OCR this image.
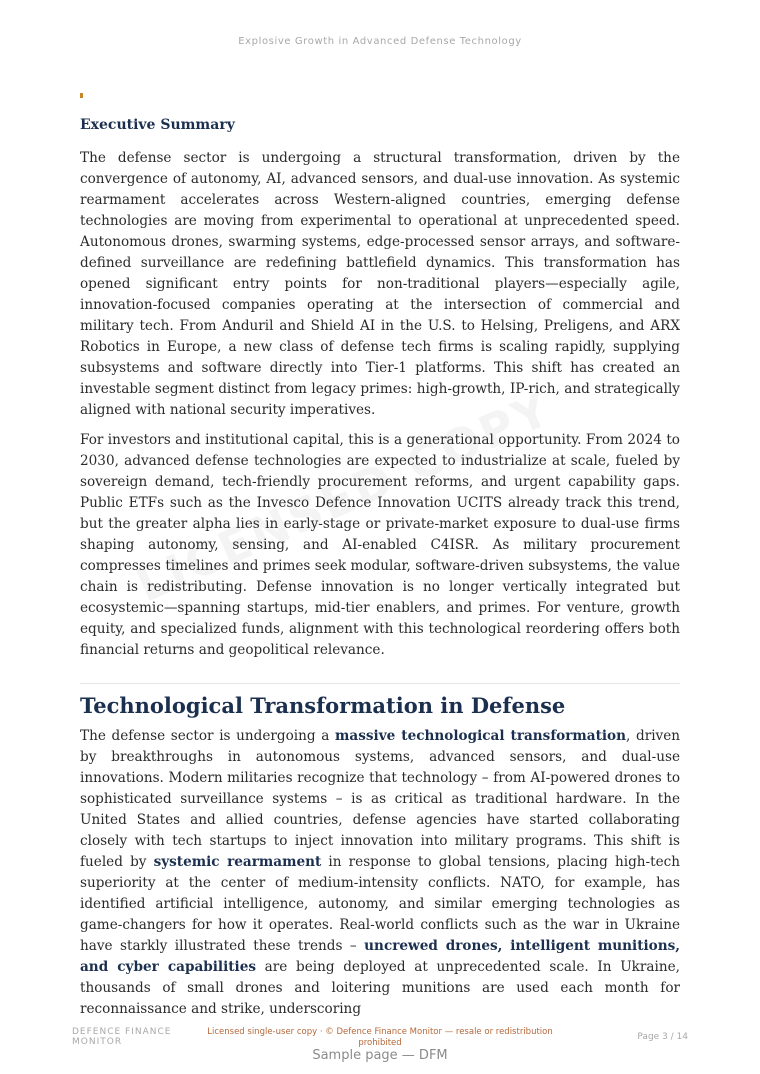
Explosive Growth in Advanced Defense Technology
Executive Summary

The defense sector is undergoing a structural transformation, driven by the convergence of autonomy, AI, advanced sensors, and dual-use innovation. As systemic rearmament accelerates across Western-aligned countries, emerging defense technologies are moving from experimental to operational at unprecedented speed. Autonomous drones, swarming systems, edge-processed sensor arrays, and software-defined surveillance are redefining battlefield dynamics. This transformation has opened significant entry points for non-traditional players—especially agile, innovation-focused companies operating at the intersection of commercial and military tech. From Anduril and Shield AI in the U.S. to Helsing, Preligens, and ARX Robotics in Europe, a new class of defense tech firms is scaling rapidly, supplying subsystems and software directly into Tier-1 platforms. This shift has created an investable segment distinct from legacy primes: high-growth, IP-rich, and strategically aligned with national security imperatives.

For investors and institutional capital, this is a generational opportunity. From 2024 to 2030, advanced defense technologies are expected to industrialize at scale, fueled by sovereign demand, tech-friendly procurement reforms, and urgent capability gaps. Public ETFs such as the Invesco Defence Innovation UCITS already track this trend, but the greater alpha lies in early-stage or private-market exposure to dual-use firms shaping autonomy, sensing, and AI-enabled C4ISR. As military procurement compresses timelines and primes seek modular, software-driven subsystems, the value chain is redistributing. Defense innovation is no longer vertically integrated but ecosystemic—spanning startups, mid-tier enablers, and primes. For venture, growth equity, and specialized funds, alignment with this technological reordering offers both financial returns and geopolitical relevance.

Technological Transformation in Defense

The defense sector is undergoing a massive technological transformation, driven by breakthroughs in autonomous systems, advanced sensors, and dual-use innovations. Modern militaries recognize that technology – from AI-powered drones to sophisticated surveillance systems – is as critical as traditional hardware. In the United States and allied countries, defense agencies have started collaborating closely with tech startups to inject innovation into military programs. This shift is fueled by systemic rearmament in response to global tensions, placing high-tech superiority at the center of medium-intensity conflicts. NATO, for example, has identified artificial intelligence, autonomy, and similar emerging technologies as game-changers for how it operates. Real-world conflicts such as the war in Ukraine have starkly illustrated these trends – uncrewed drones, intelligent munitions, and cyber capabilities are being deployed at unprecedented scale. In Ukraine, thousands of small drones and loitering munitions are used each month for reconnaissance and strike, underscoring

DEFENCE FINANCE
MONITOR
Licensed single-user copy · © Defence Finance Monitor — resale or redistribution prohibited
Page 3 / 14
Sample page — DFM
